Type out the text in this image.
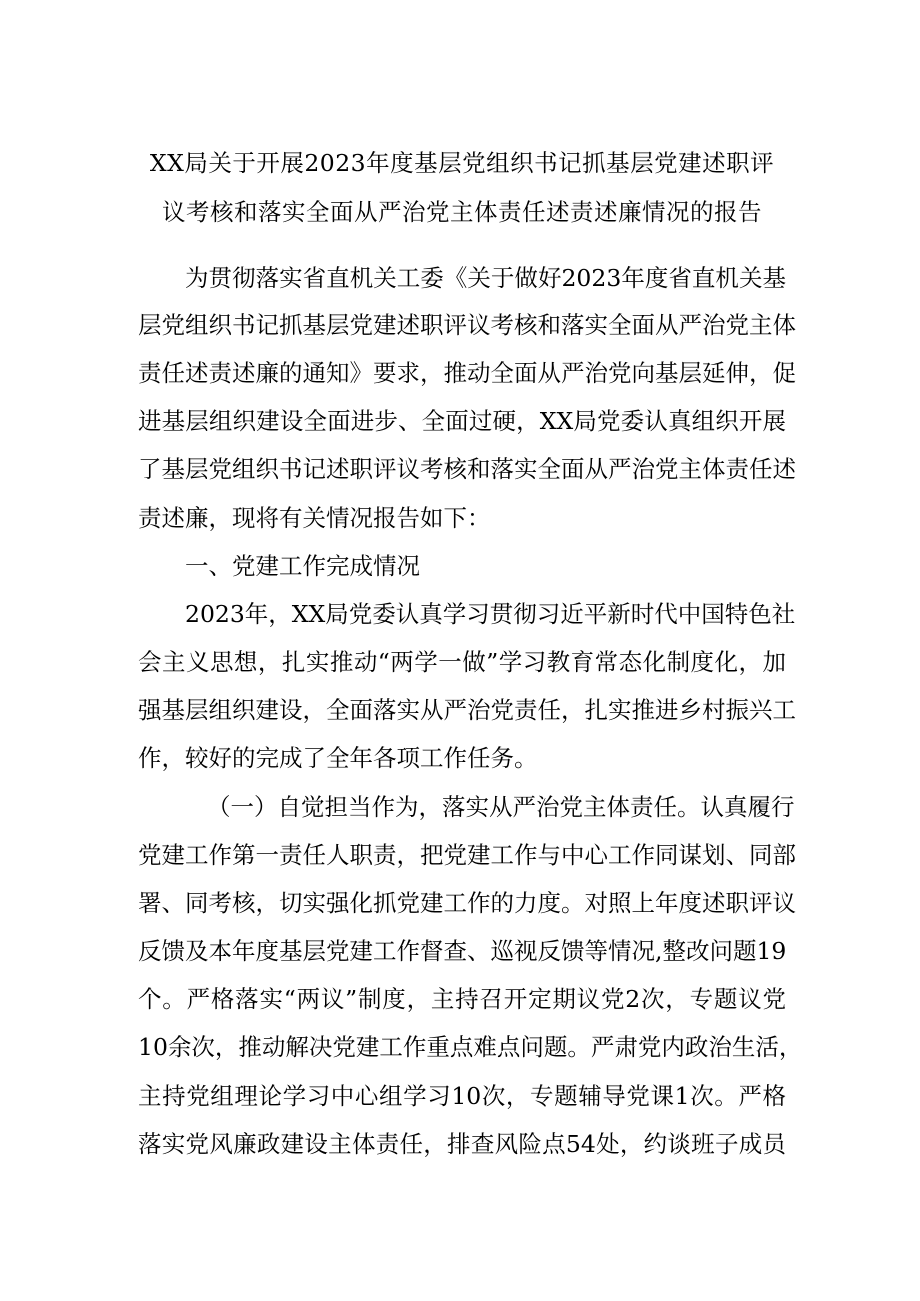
XX局关于开展2023年度基层党组织书记抓基层党建述职评
议考核和落实全面从严治党主体责任述责述廉情况的报告
为贯彻落实省直机关工委《关于做好2023年度省直机关基
层党组织书记抓基层党建述职评议考核和落实全面从严治党主体
责任述责述廉的通知》要求，推动全面从严治党向基层延伸，促
进基层组织建设全面进步、全面过硬，XX局党委认真组织开展
了基层党组织书记述职评议考核和落实全面从严治党主体责任述
责述廉，现将有关情况报告如下：
一、党建工作完成情况
2023年，XX局党委认真学习贯彻习近平新时代中国特色社
会主义思想，扎实推动“两学一做”学习教育常态化制度化，加
强基层组织建设，全面落实从严治党责任，扎实推进乡村振兴工
作，较好的完成了全年各项工作任务。
（一）自觉担当作为，落实从严治党主体责任。认真履行
党建工作第一责任人职责，把党建工作与中心工作同谋划、同部
署、同考核，切实强化抓党建工作的力度。对照上年度述职评议
反馈及本年度基层党建工作督查、巡视反馈等情况,整改问题19
个。严格落实“两议”制度，主持召开定期议党2次，专题议党
10余次，推动解决党建工作重点难点问题。严肃党内政治生活，
主持党组理论学习中心组学习10次，专题辅导党课1次。严格
落实党风廉政建设主体责任，排查风险点54处，约谈班子成员
